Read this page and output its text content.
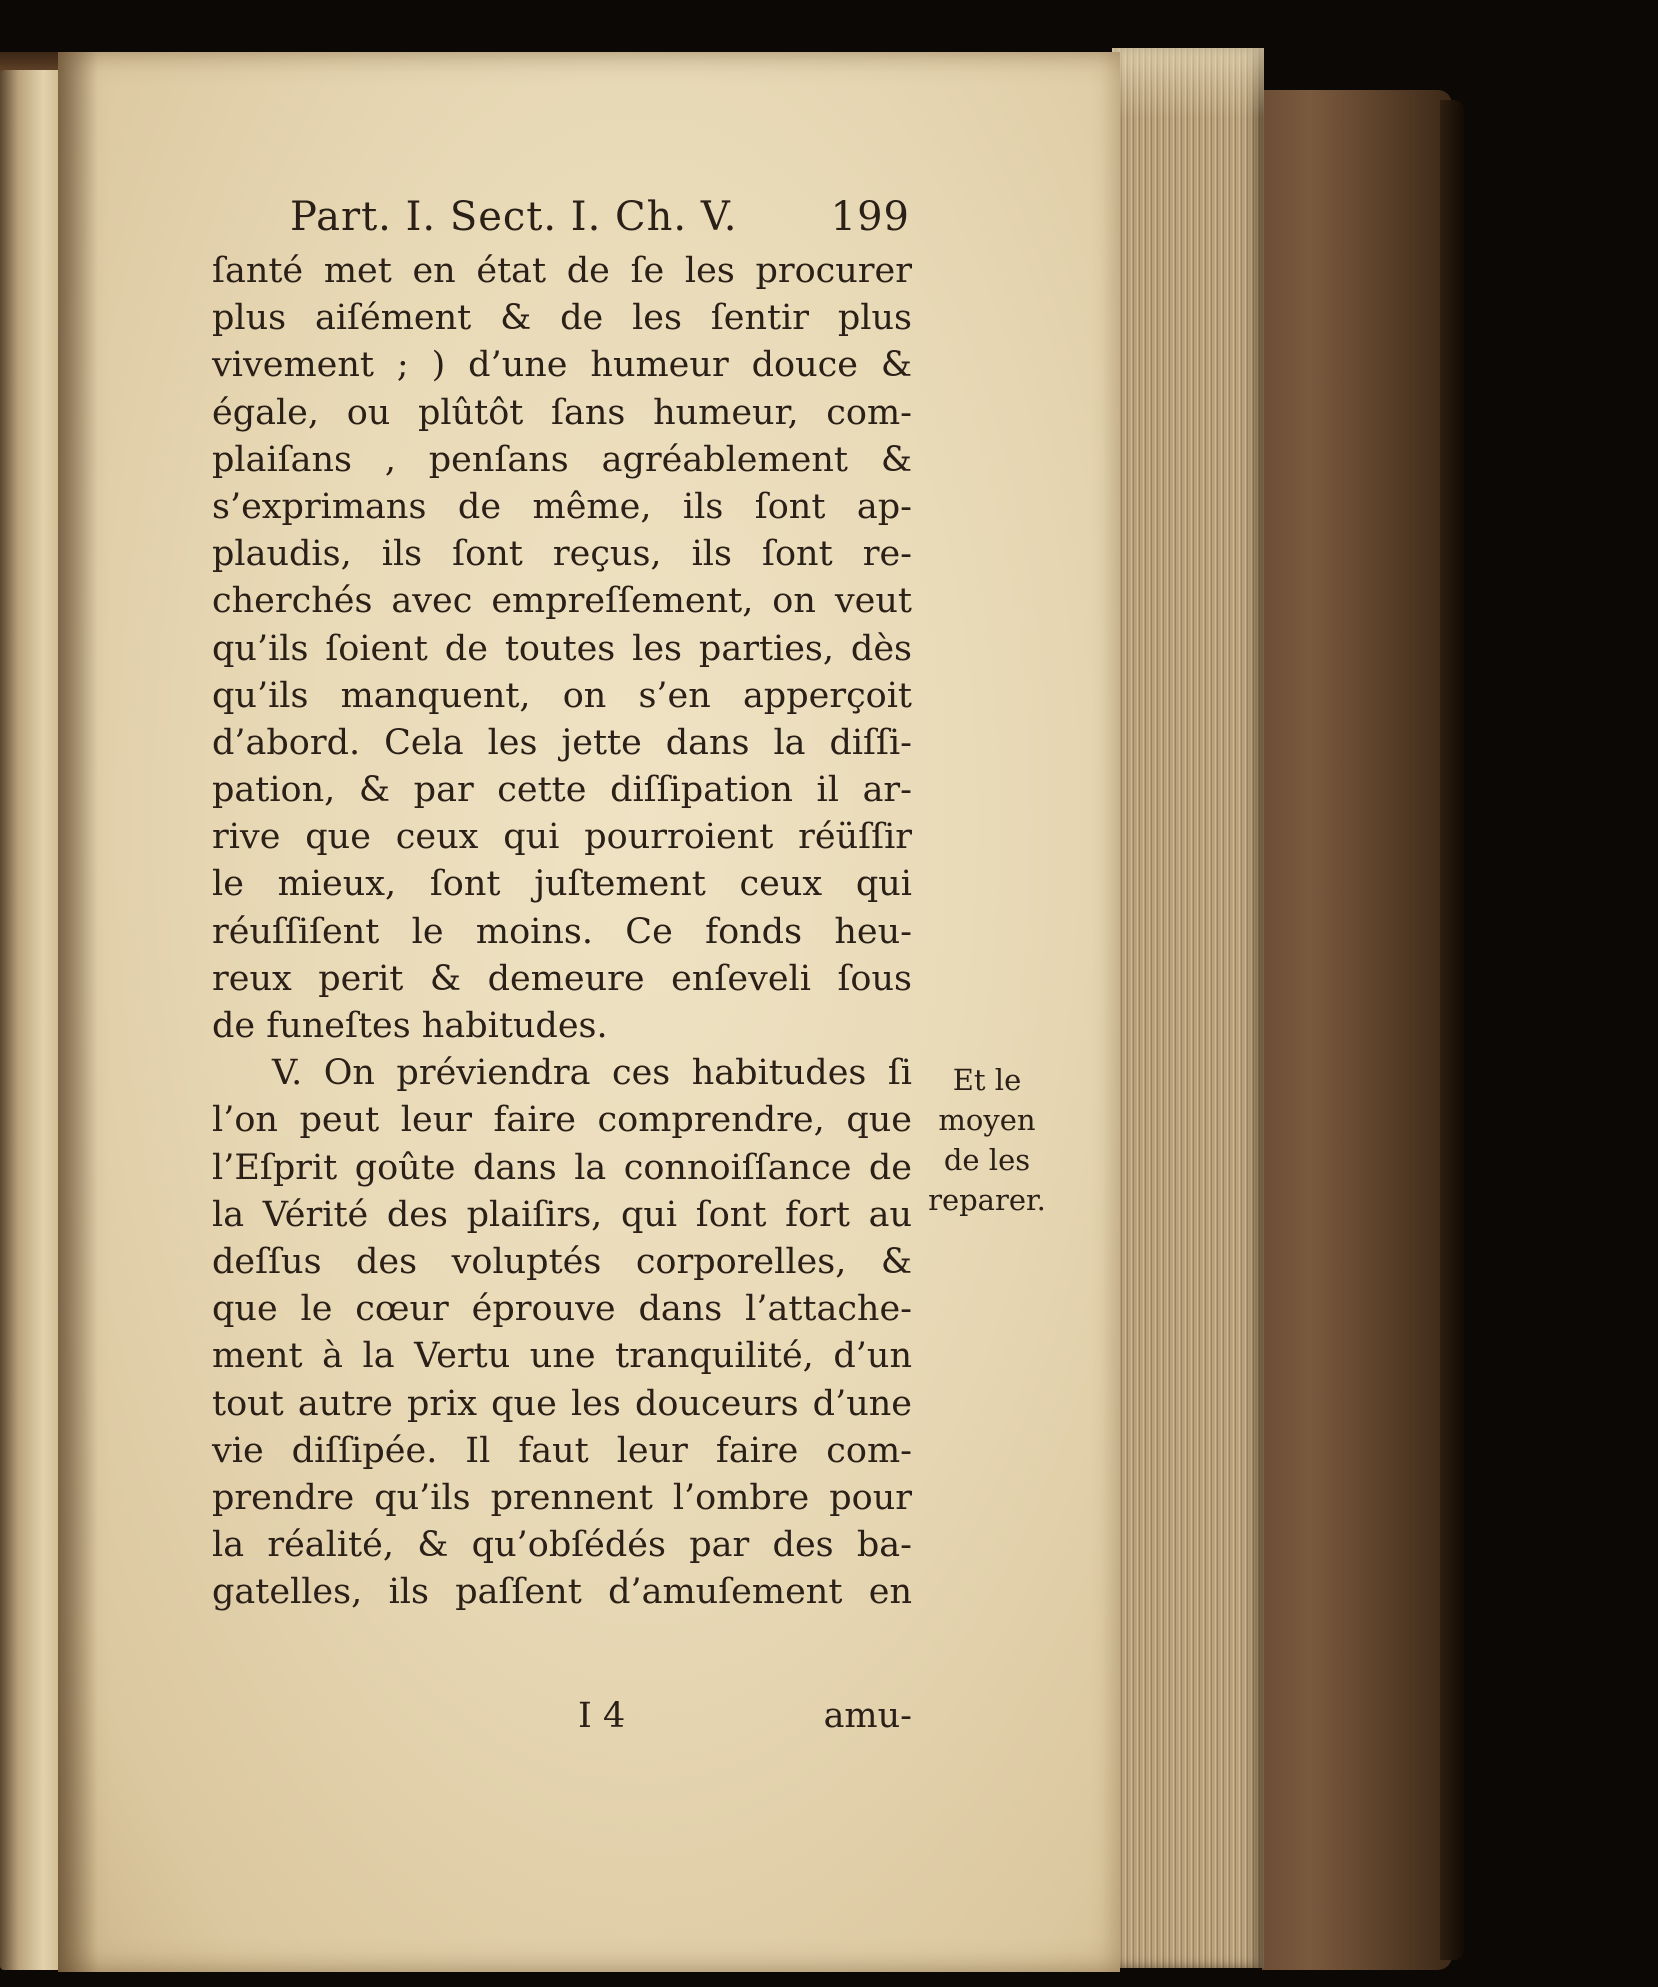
Part. I. Sect. I. Ch. V. 199
ſanté met en état de ſe les procurer
plus aiſément & de les ſentir plus
vivement ; ) d’une humeur douce &
égale, ou plûtôt ſans humeur, com-
plaiſans , penſans agréablement &
s’exprimans de même, ils ſont ap-
plaudis, ils ſont reçus, ils ſont re-
cherchés avec empreſſement, on veut
qu’ils ſoient de toutes les parties, dès
qu’ils manquent, on s’en apperçoit
d’abord. Cela les jette dans la diſſi-
pation, & par cette diſſipation il ar-
rive que ceux qui pourroient réüſſir
le mieux, ſont juſtement ceux qui
réuſſiſent le moins. Ce fonds heu-
reux perit & demeure enſeveli ſous
de funeſtes habitudes.
V. On préviendra ces habitudes ſi
l’on peut leur faire comprendre, que
l’Eſprit goûte dans la connoiſſance de
la Vérité des plaiſirs, qui ſont fort au
deſſus des voluptés corporelles, &
que le cœur éprouve dans l’attache-
ment à la Vertu une tranquilité, d’un
tout autre prix que les douceurs d’une
vie diſſipée. Il faut leur faire com-
prendre qu’ils prennent l’ombre pour
la réalité, & qu’obſédés par des ba-
gatelles, ils paſſent d’amuſement en
Et le
moyen
de les
reparer.
I 4	amu-
